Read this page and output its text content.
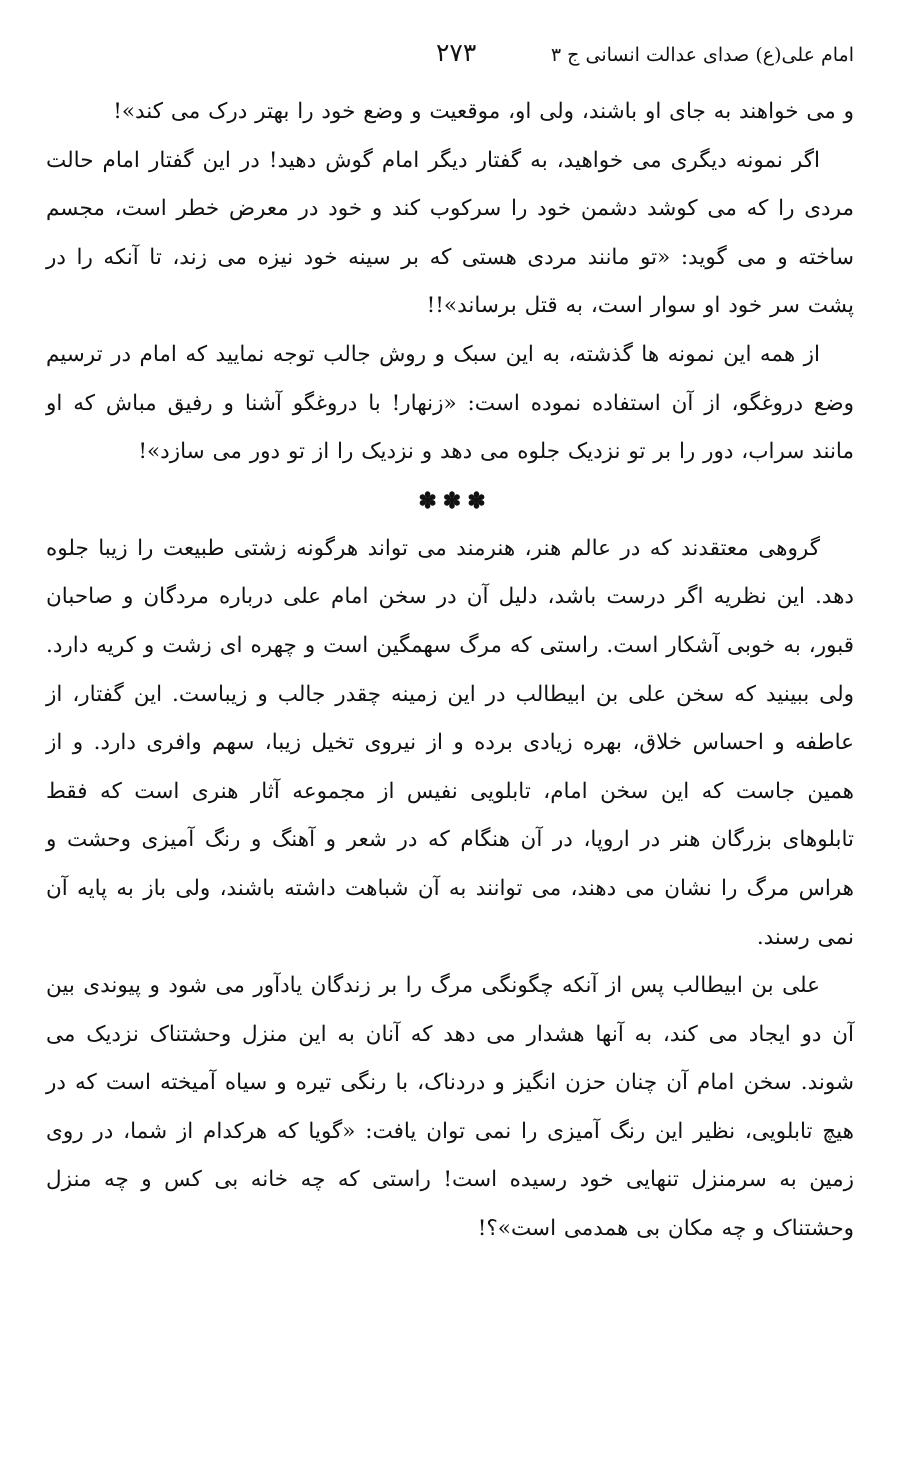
امام علی(ع) صدای عدالت انسانی ج ۳
۲۷۳

و می خواهند به جای او باشند، ولی او، موقعیت و وضع خود را بهتر درک می کند»!

اگر نمونه دیگری می خواهید، به گفتار دیگر امام گوش دهید! در این گفتار امام حالت مردی را که می کوشد دشمن خود را سرکوب کند و خود در معرض خطر است، مجسم ساخته و می گوید: «تو مانند مردی هستی که بر سینه خود نیزه می زند، تا آنکه را در پشت سر خود او سوار است، به قتل برساند»!!

از همه این نمونه ها گذشته، به این سبک و روش جالب توجه نمایید که امام در ترسیم وضع دروغگو، از آن استفاده نموده است: «زنهار! با دروغگو آشنا و رفیق مباش که او مانند سراب، دور را بر تو نزدیک جلوه می دهد و نزدیک را از تو دور می سازد»!

✽✽✽

گروهی معتقدند که در عالم هنر، هنرمند می تواند هرگونه زشتی طبیعت را زیبا جلوه دهد. این نظریه اگر درست باشد، دلیل آن در سخن امام علی درباره مردگان و صاحبان قبور، به خوبی آشکار است. راستی که مرگ سهمگین است و چهره ای زشت و کریه دارد. ولی ببینید که سخن علی بن ابیطالب در این زمینه چقدر جالب و زیباست. این گفتار، از عاطفه و احساس خلاق، بهره زیادی برده و از نیروی تخیل زیبا، سهم وافری دارد. و از همین جاست که این سخن امام، تابلویی نفیس از مجموعه آثار هنری است که فقط تابلوهای بزرگان هنر در اروپا، در آن هنگام که در شعر و آهنگ و رنگ آمیزی وحشت و هراس مرگ را نشان می دهند، می توانند به آن شباهت داشته باشند، ولی باز به پایه آن نمی رسند.

علی بن ابیطالب پس از آنکه چگونگی مرگ را بر زندگان یادآور می شود و پیوندی بین آن دو ایجاد می کند، به آنها هشدار می دهد که آنان به این منزل وحشتناک نزدیک می شوند. سخن امام آن چنان حزن انگیز و دردناک، با رنگی تیره و سیاه آمیخته است که در هیچ تابلویی، نظیر این رنگ آمیزی را نمی توان یافت: «گویا که هرکدام از شما، در روی زمین به سرمنزل تنهایی خود رسیده است! راستی که چه خانه بی کس و چه منزل وحشتناک و چه مکان بی همدمی است»؟!
